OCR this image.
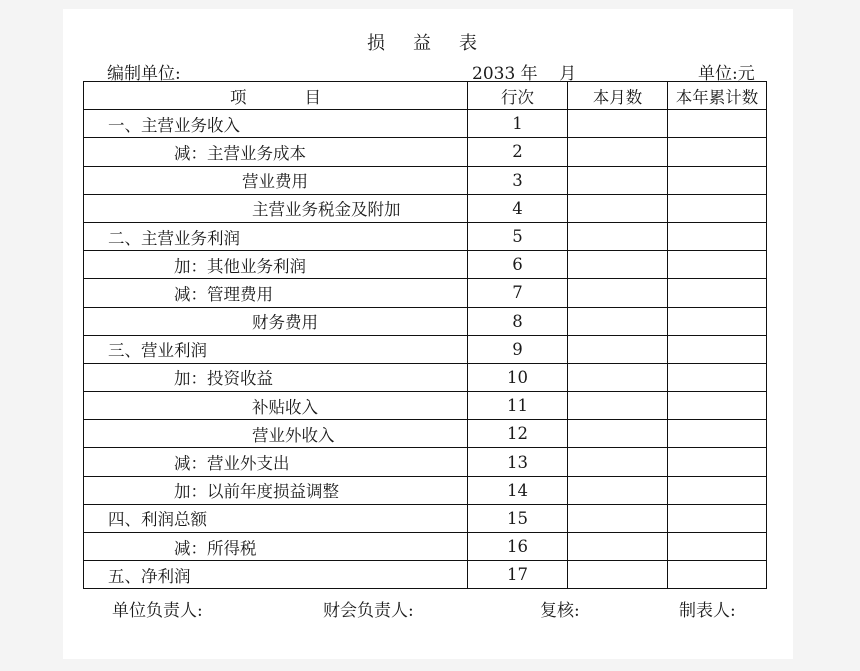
损 益 表
编制单位:	2033 年    月	单位:元
项 目	行次	本月数	本年累计数
一、主营业务收入	1		
减：主营业务成本	2		
营业费用	3		
主营业务税金及附加	4		
二、主营业务利润	5		
加：其他业务利润	6		
减：管理费用	7		
财务费用	8		
三、营业利润	9		
加：投资收益	10		
补贴收入	11		
营业外收入	12		
减：营业外支出	13		
加：以前年度损益调整	14		
四、利润总额	15		
减：所得税	16		
五、净利润	17		
单位负责人:	财会负责人:	复核:	制表人:
